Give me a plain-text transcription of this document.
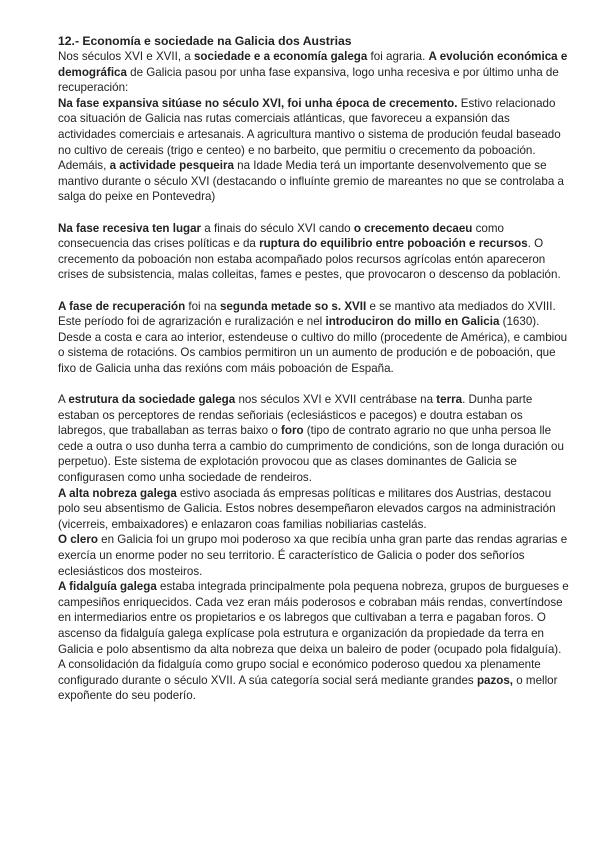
12.- Economía e sociedade na Galicia dos Austrias

Nos séculos XVI e XVII, a sociedade e a economía galega foi agraria. A evolución económica e demográfica de Galicia pasou por unha fase expansiva, logo unha recesiva e por último unha de recuperación:

Na fase expansiva sitúase no século XVI, foi unha época de crecemento. Estivo relacionado coa situación de Galicia nas rutas comerciais atlánticas, que favoreceu a expansión das actividades comerciais e artesanais. A agricultura mantivo o sistema de produción feudal baseado no cultivo de cereais (trigo e centeo) e no barbeito, que permitiu o crecemento da poboación. Ademáis, a actividade pesqueira na Idade Media terá un importante desenvolvemento que se mantivo durante o século XVI (destacando o influínte gremio de mareantes no que se controlaba a salga do peixe en Pontevedra)

Na fase recesiva ten lugar a finais do século XVI cando o crecemento decaeu como consecuencia das crises políticas e da ruptura do equilibrio entre poboación e recursos. O crecemento da poboación non estaba acompañado polos recursos agrícolas entón apareceron crises de subsistencia, malas colleitas, fames e pestes, que provocaron o descenso da población.

A fase de recuperación foi na segunda metade so s. XVII e se mantivo ata mediados do XVIII. Este período foi de agrarización e ruralización e nel introduciron do millo en Galicia (1630). Desde a costa e cara ao interior, estendeuse o cultivo do millo (procedente de América), e cambiou o sistema de rotacións. Os cambios permitiron un un aumento de produción e de poboación, que fixo de Galicia unha das rexións com máis poboación de España.

A estrutura da sociedade galega nos séculos XVI e XVII centrábase na terra. Dunha parte estaban os perceptores de rendas señoriais (eclesiásticos e pacegos) e doutra estaban os labregos, que traballaban as terras baixo o foro (tipo de contrato agrario no que unha persoa lle cede a outra o uso dunha terra a cambio do cumprimento de condicións, son de longa duración ou perpetuo). Este sistema de explotación provocou que as clases dominantes de Galicia se configurasen como unha sociedade de rendeiros.

A alta nobreza galega estivo asociada ás empresas políticas e militares dos Austrias, destacou polo seu absentismo de Galicia. Estos nobres desempeñaron elevados cargos na administración (vicerreis, embaixadores) e enlazaron coas familias nobiliarias castelás.

O clero en Galicia foi un grupo moi poderoso xa que recibía unha gran parte das rendas agrarias e exercía un enorme poder no seu territorio. É característico de Galicia o poder dos señoríos eclesiásticos dos mosteiros.

A fidalguía galega estaba integrada principalmente pola pequena nobreza, grupos de burgueses e campesiños enriquecidos. Cada vez eran máis poderosos e cobraban máis rendas, convertíndose en intermediarios entre os propietarios e os labregos que cultivaban a terra e pagaban foros. O ascenso da fidalguía galega explícase pola estrutura e organización da propiedade da terra en Galicia e polo absentismo da alta nobreza que deixa un baleiro de poder (ocupado pola fidalguía). A consolidación da fidalguía como grupo social e económico poderoso quedou xa plenamente configurado durante o século XVII. A súa categoría social será mediante grandes pazos, o mellor expoñente do seu poderío.
